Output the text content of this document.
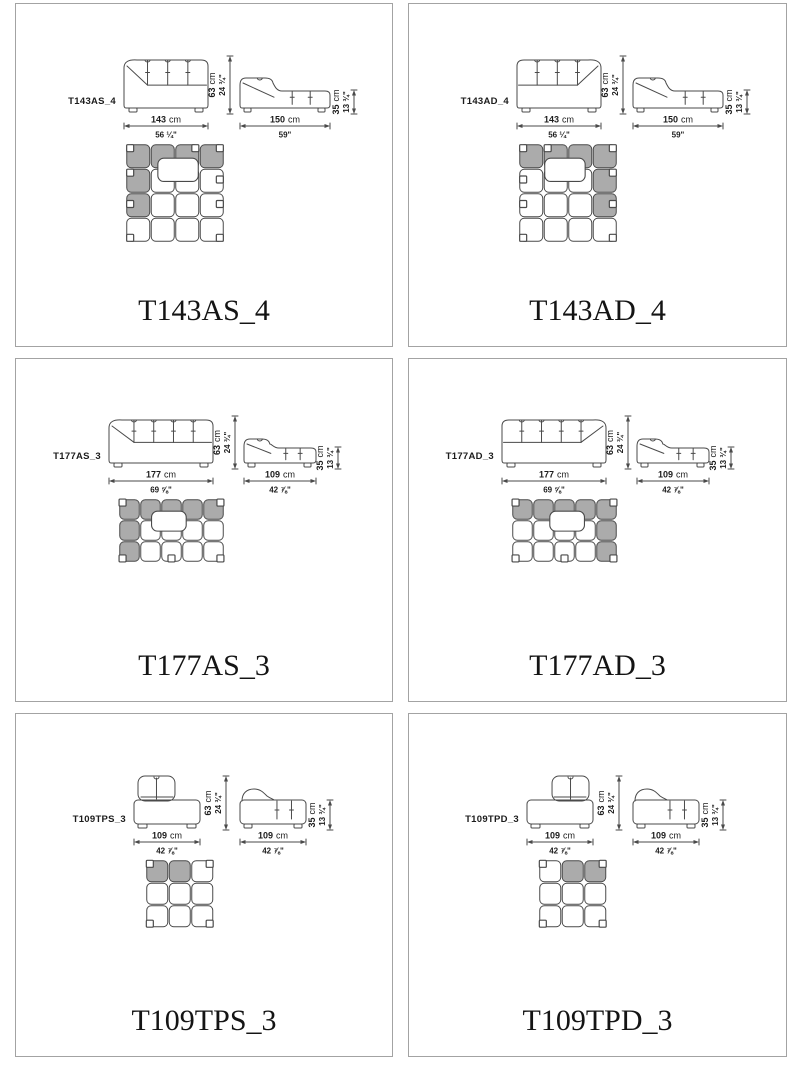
T143AS_4
63cm 24 ¾"
35cm 13 ¾"
143 cm
56 ¼"
150 cm
59"
T143AS_4
T143AD_4
63cm 24 ¾"
35cm 13 ¾"
143 cm
56 ¼"
150 cm
59"
T143AD_4
T177AS_3
63cm 24 ¾"
35cm 13 ¾"
177 cm
69 ⅝"
109 cm
42 ⅞"
T177AS_3
T177AD_3
63cm 24 ¾"
35cm 13 ¾"
177 cm
69 ⅝"
109 cm
42 ⅞"
T177AD_3
T109TPS_3
63cm 24 ¾"
35cm 13 ¾"
109 cm
42 ⅞"
109 cm
42 ⅞"
T109TPS_3
T109TPD_3
63cm 24 ¾"
35cm 13 ¾"
109 cm
42 ⅞"
109 cm
42 ⅞"
T109TPD_3
